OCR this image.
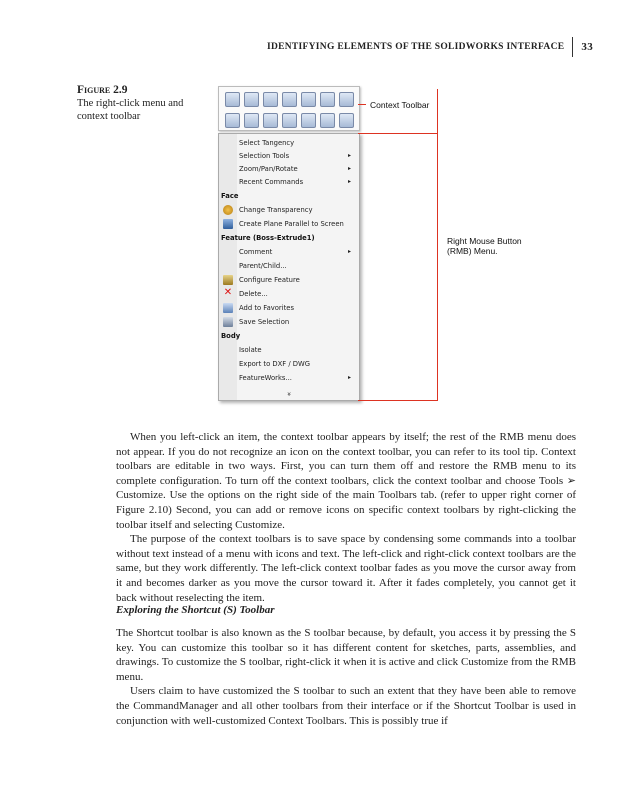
IDENTIFYING ELEMENTS OF THE SOLIDWORKS INTERFACE	33
Figure 2.9
The right-click menu and context toolbar
Select Tangency
Selection Tools	▸
Zoom/Pan/Rotate	▸
Recent Commands	▸
Face
Change Transparency
Create Plane Parallel to Screen
Feature (Boss-Extrude1)
Comment	▸
Parent/Child...
Configure Feature
✕ Delete...
Add to Favorites
Save Selection
Body
Isolate
Export to DXF / DWG
FeatureWorks...	▸
»
Context Toolbar
Right Mouse Button (RMB) Menu.

When you left-click an item, the context toolbar appears by itself; the rest of the RMB menu does not appear. If you do not recognize an icon on the context toolbar, you can refer to its tool tip. Context toolbars are editable in two ways. First, you can turn them off and restore the RMB menu to its complete configuration. To turn off the context toolbars, click the context toolbar and choose Tools ➢ Customize. Use the options on the right side of the main Toolbars tab. (refer to upper right corner of Figure 2.10) Second, you can add or remove icons on specific context toolbars by right-clicking the toolbar itself and selecting Customize.

The purpose of the context toolbars is to save space by condensing some commands into a toolbar without text instead of a menu with icons and text. The left-click and right-click context toolbars are the same, but they work differently. The left-click context toolbar fades as you move the cursor away from it and becomes darker as you move the cursor toward it. After it fades completely, you cannot get it back without reselecting the item.

Exploring the Shortcut (S) Toolbar

The Shortcut toolbar is also known as the S toolbar because, by default, you access it by pressing the S key. You can customize this toolbar so it has different content for sketches, parts, assemblies, and drawings. To customize the S toolbar, right-click it when it is active and click Customize from the RMB menu.

Users claim to have customized the S toolbar to such an extent that they have been able to remove the CommandManager and all other toolbars from their interface or if the Shortcut Toolbar is used in conjunction with well-customized Context Toolbars. This is possibly true if
